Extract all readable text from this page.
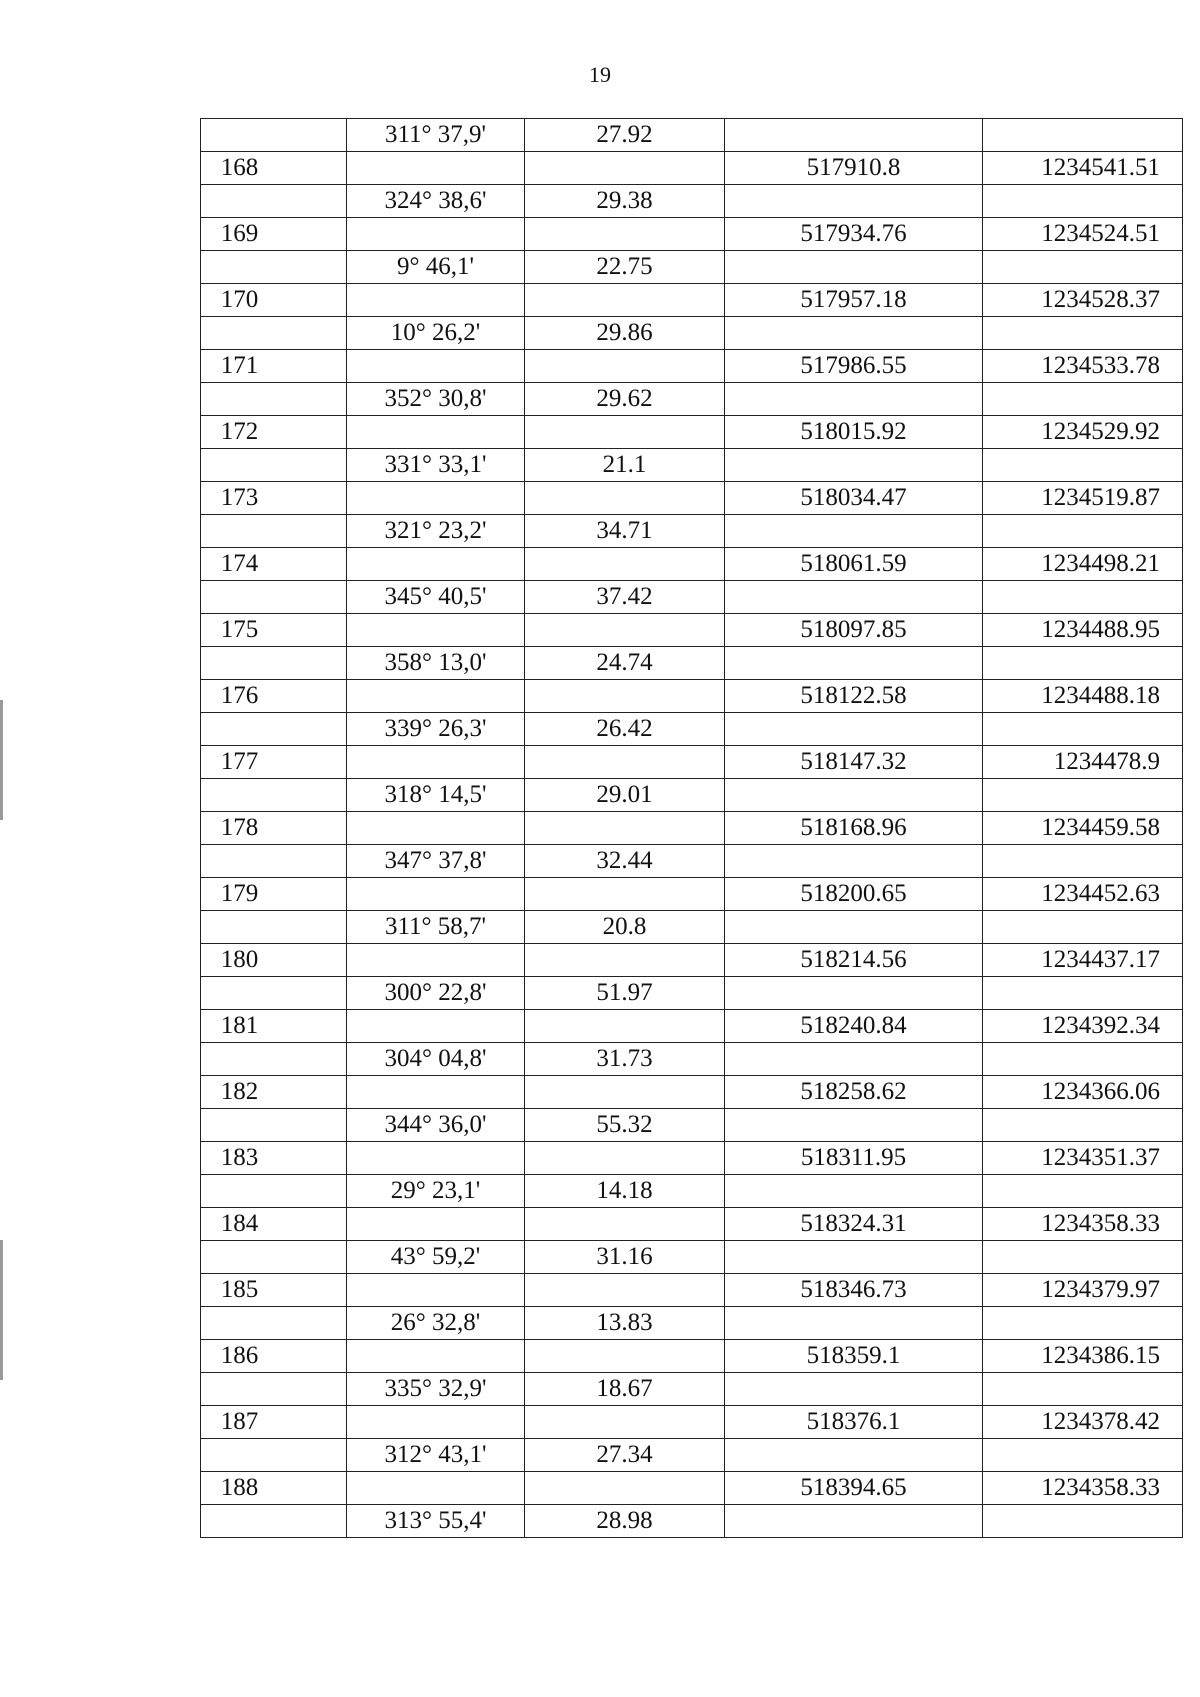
19
	311° 37,9'	27.92		
168			517910.8	1234541.51
	324° 38,6'	29.38		
169			517934.76	1234524.51
	9° 46,1'	22.75		
170			517957.18	1234528.37
	10° 26,2'	29.86		
171			517986.55	1234533.78
	352° 30,8'	29.62		
172			518015.92	1234529.92
	331° 33,1'	21.1		
173			518034.47	1234519.87
	321° 23,2'	34.71		
174			518061.59	1234498.21
	345° 40,5'	37.42		
175			518097.85	1234488.95
	358° 13,0'	24.74		
176			518122.58	1234488.18
	339° 26,3'	26.42		
177			518147.32	1234478.9
	318° 14,5'	29.01		
178			518168.96	1234459.58
	347° 37,8'	32.44		
179			518200.65	1234452.63
	311° 58,7'	20.8		
180			518214.56	1234437.17
	300° 22,8'	51.97		
181			518240.84	1234392.34
	304° 04,8'	31.73		
182			518258.62	1234366.06
	344° 36,0'	55.32		
183			518311.95	1234351.37
	29° 23,1'	14.18		
184			518324.31	1234358.33
	43° 59,2'	31.16		
185			518346.73	1234379.97
	26° 32,8'	13.83		
186			518359.1	1234386.15
	335° 32,9'	18.67		
187			518376.1	1234378.42
	312° 43,1'	27.34		
188			518394.65	1234358.33
	313° 55,4'	28.98		
